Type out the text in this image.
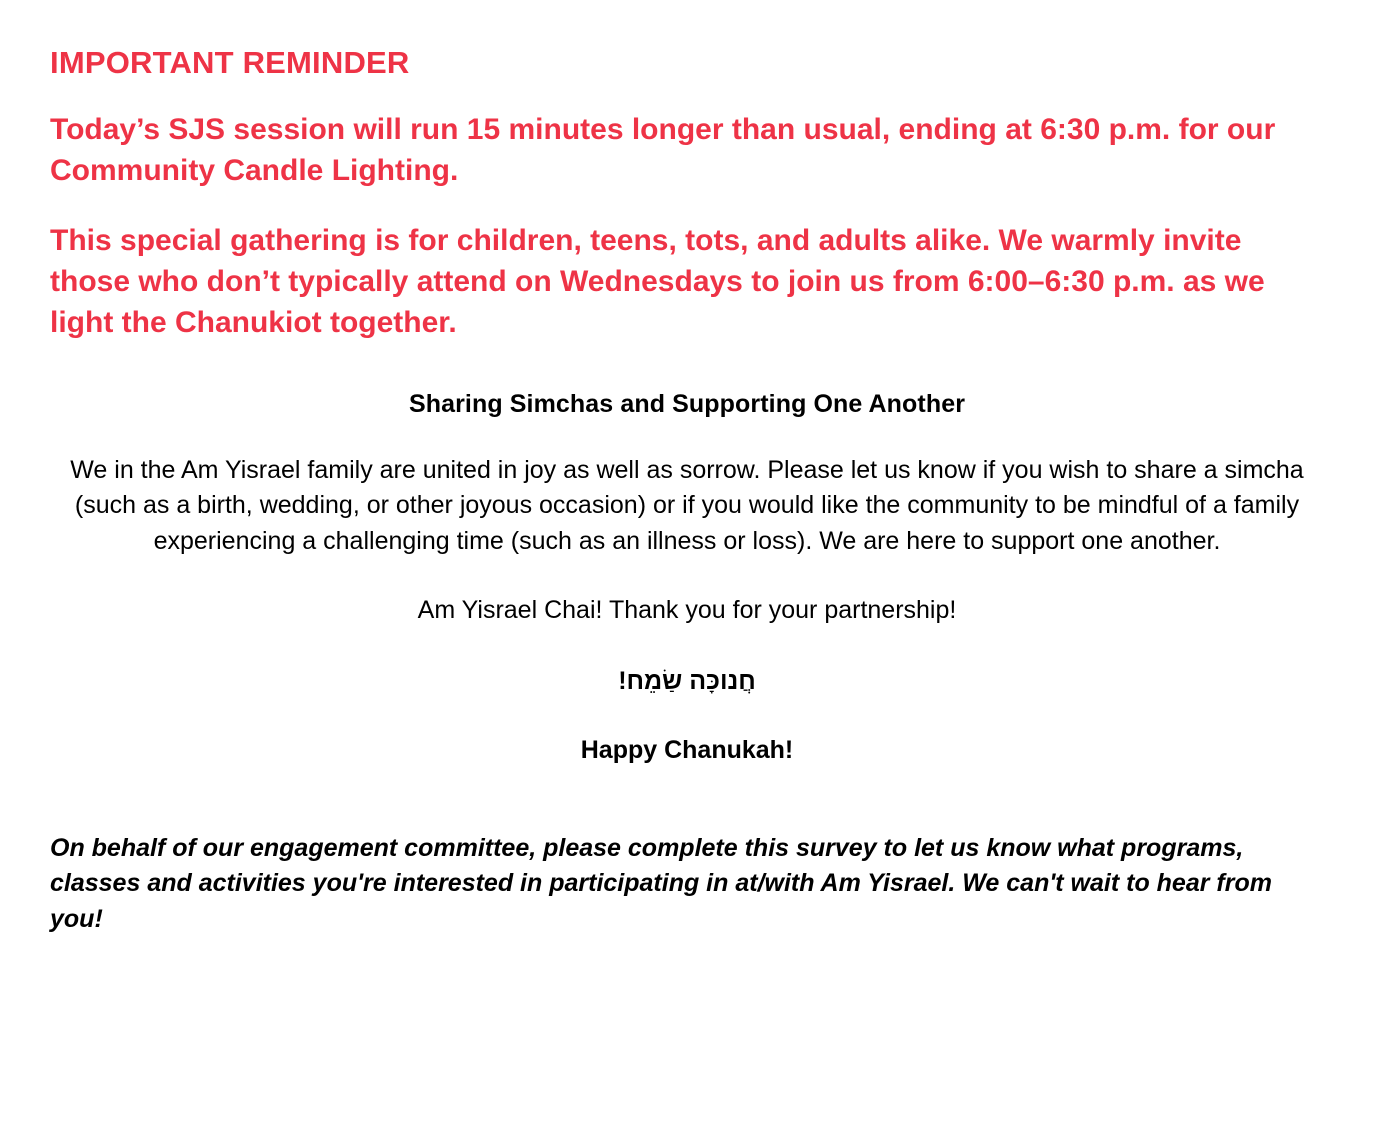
IMPORTANT REMINDER

Today’s SJS session will run 15 minutes longer than usual, ending at 6:30 p.m. for our Community Candle Lighting.

This special gathering is for children, teens, tots, and adults alike. We warmly invite those who don’t typically attend on Wednesdays to join us from 6:00–6:30 p.m. as we light the Chanukiot together.

Sharing Simchas and Supporting One Another

We in the Am Yisrael family are united in joy as well as sorrow. Please let us know if you wish to share a simcha (such as a birth, wedding, or other joyous occasion) or if you would like the community to be mindful of a family experiencing a challenging time (such as an illness or loss). We are here to support one another.

Am Yisrael Chai! Thank you for your partnership!

חֲנוכָּה שַׂמֵח!
Happy Chanukah!

On behalf of our engagement committee, please complete this survey to let us know what programs, classes and activities you're interested in participating in at/with Am Yisrael. We can't wait to hear from you!
